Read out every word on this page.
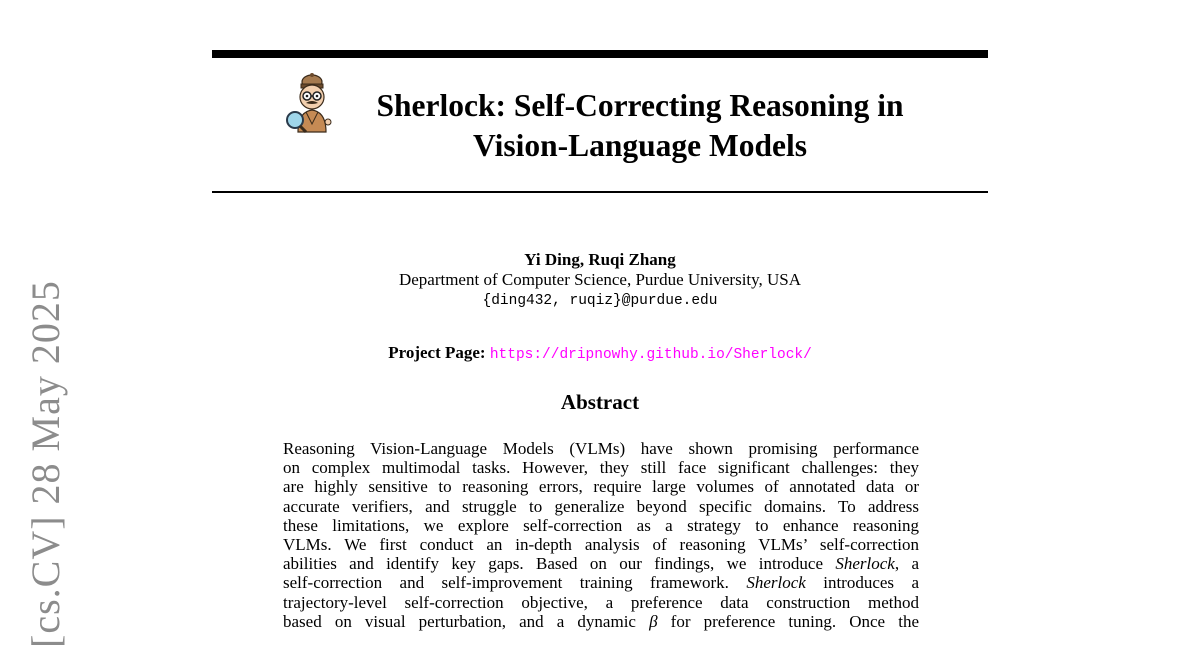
[cs.CV] 28 May 2025
Sherlock: Self-Correcting Reasoning in
Vision-Language Models
Yi Ding, Ruqi Zhang
Department of Computer Science, Purdue University, USA
{ding432, ruqiz}@purdue.edu
Project Page: https://dripnowhy.github.io/Sherlock/
Abstract
Reasoning Vision-Language Models (VLMs) have shown promising performance
on complex multimodal tasks. However, they still face significant challenges: they
are highly sensitive to reasoning errors, require large volumes of annotated data or
accurate verifiers, and struggle to generalize beyond specific domains. To address
these limitations, we explore self-correction as a strategy to enhance reasoning
VLMs. We first conduct an in-depth analysis of reasoning VLMs’ self-correction
abilities and identify key gaps. Based on our findings, we introduce Sherlock, a
self-correction and self-improvement training framework. Sherlock introduces a
trajectory-level self-correction objective, a preference data construction method
based on visual perturbation, and a dynamic β for preference tuning. Once the
